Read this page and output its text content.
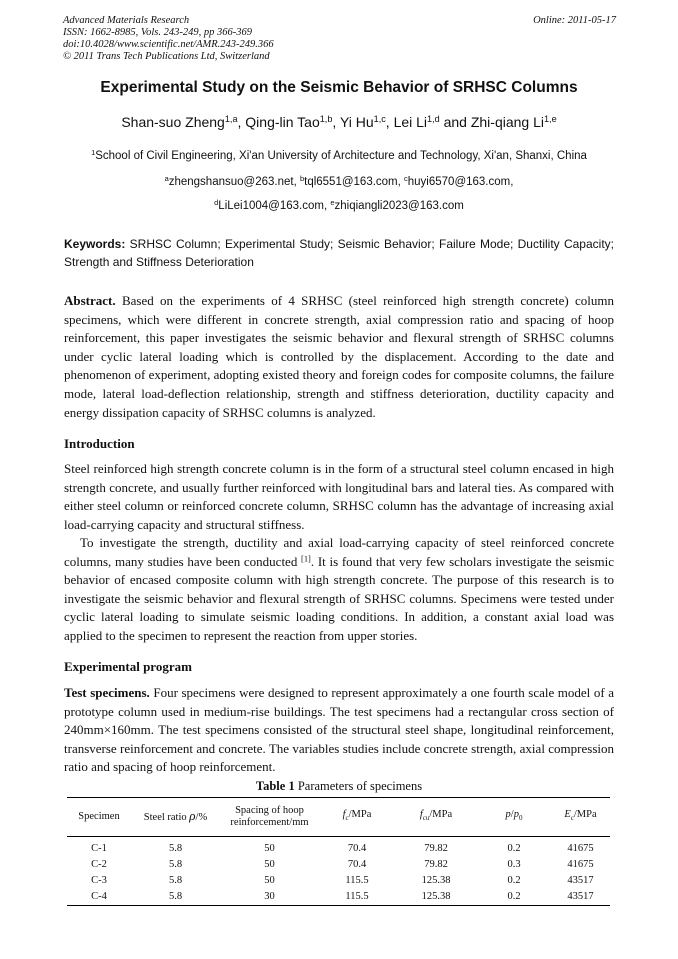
Advanced Materials Research
ISSN: 1662-8985, Vols. 243-249, pp 366-369
doi:10.4028/www.scientific.net/AMR.243-249.366
© 2011 Trans Tech Publications Ltd, Switzerland
Online: 2011-05-17
Experimental Study on the Seismic Behavior of SRHSC Columns
Shan-suo Zheng$^{1,a}$, Qing-lin Tao$^{1,b}$, Yi Hu$^{1,c}$, Lei Li$^{1,d}$ and Zhi-qiang Li$^{1,e}$
$^1$School of Civil Engineering, Xi'an University of Architecture and Technology, Xi'an, Shanxi, China
$^a$zhengshansuo@263.net, $^b$tql6551@163.com, $^c$huyi6570@163.com,
$^d$LiLei1004@163.com, $^e$zhiqiangli2023@163.com
Keywords: SRHSC Column; Experimental Study; Seismic Behavior; Failure Mode; Ductility Capacity; Strength and Stiffness Deterioration
Abstract. Based on the experiments of 4 SRHSC (steel reinforced high strength concrete) column specimens, which were different in concrete strength, axial compression ratio and spacing of hoop reinforcement, this paper investigates the seismic behavior and flexural strength of SRHSC columns under cyclic lateral loading which is controlled by the displacement. According to the date and phenomenon of experiment, adopting existed theory and foreign codes for composite columns, the failure mode, lateral load-deflection relationship, strength and stiffness deterioration, ductility capacity and energy dissipation capacity of SRHSC columns is analyzed.
Introduction
Steel reinforced high strength concrete column is in the form of a structural steel column encased in high strength concrete, and usually further reinforced with longitudinal bars and lateral ties. As compared with either steel column or reinforced concrete column, SRHSC column has the advantage of increasing axial load-carrying capacity and structural stiffness.
To investigate the strength, ductility and axial load-carrying capacity of steel reinforced concrete columns, many studies have been conducted [1]. It is found that very few scholars investigate the seismic behavior of encased composite column with high strength concrete. The purpose of this research is to investigate the seismic behavior and flexural strength of SRHSC columns. Specimens were tested under cyclic lateral loading to simulate seismic loading conditions. In addition, a constant axial load was applied to the specimen to represent the reaction from upper stories.
Experimental program
Test specimens. Four specimens were designed to represent approximately a one fourth scale model of a prototype column used in medium-rise buildings. The test specimens had a rectangular cross section of 240mm×160mm. The test specimens consisted of the structural steel shape, longitudinal reinforcement, transverse reinforcement and concrete. The variables studies include concrete strength, axial compression ratio and spacing of hoop reinforcement.
Table 1 Parameters of specimens
Specimen	Steel ratio ρ/%	Spacing of hoop
reinforcement/mm	$f_c$/MPa	$f_{cu}$/MPa	$p/p_0$	$E_c$/MPa
C-1	5.8	50	70.4	79.82	0.2	41675
C-2	5.8	50	70.4	79.82	0.3	41675
C-3	5.8	50	115.5	125.38	0.2	43517
C-4	5.8	30	115.5	125.38	0.2	43517
